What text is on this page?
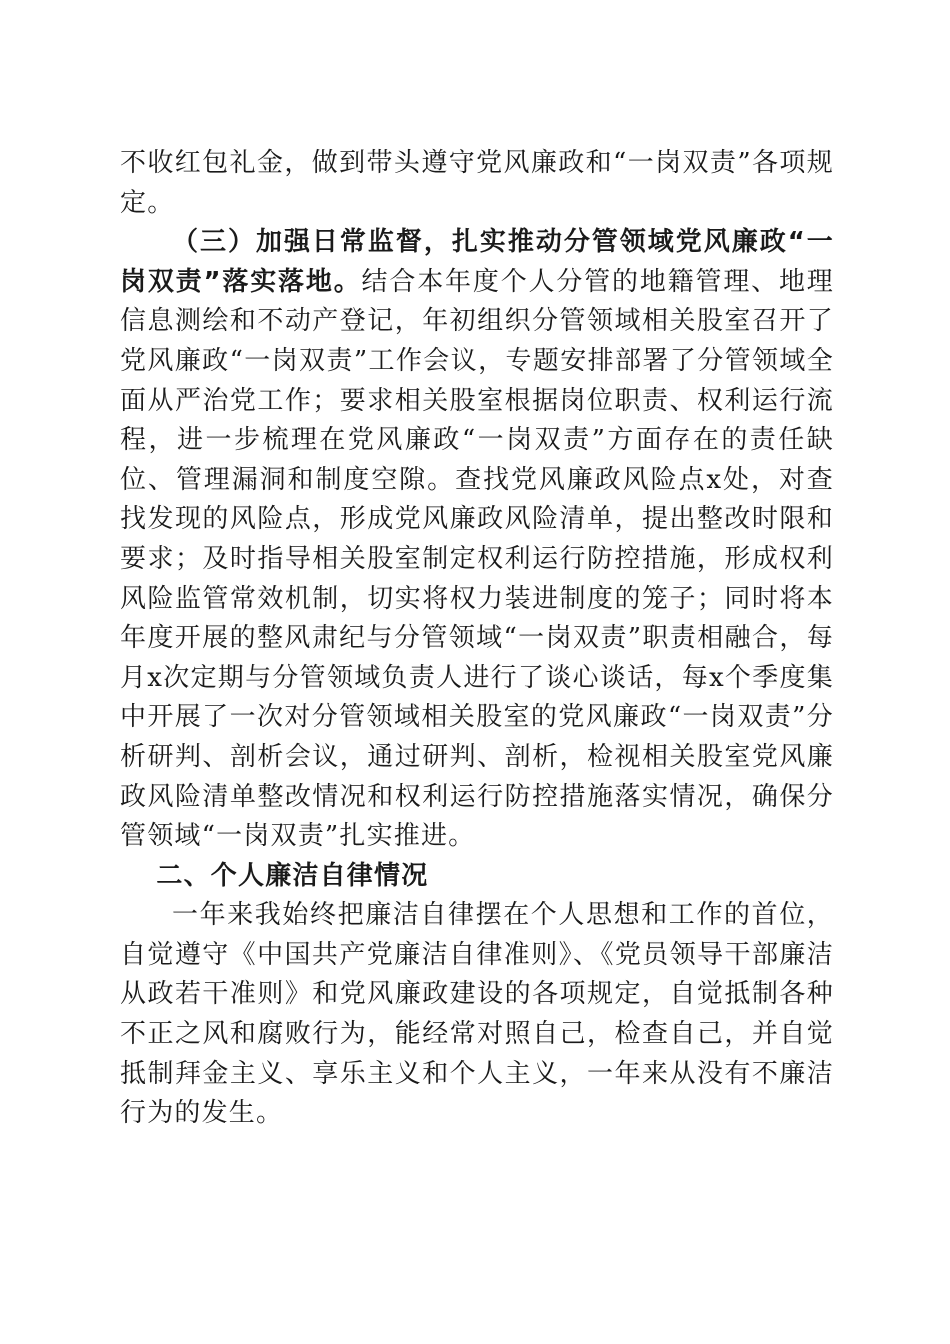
不收红包礼金，做到带头遵守党风廉政和“一岗双责”各项规定。

（三）加强日常监督，扎实推动分管领域党风廉政“一岗双责”落实落地。结合本年度个人分管的地籍管理、地理信息测绘和不动产登记，年初组织分管领域相关股室召开了党风廉政“一岗双责”工作会议，专题安排部署了分管领域全面从严治党工作；要求相关股室根据岗位职责、权利运行流程，进一步梳理在党风廉政“一岗双责”方面存在的责任缺位、管理漏洞和制度空隙。查找党风廉政风险点x处，对查找发现的风险点，形成党风廉政风险清单，提出整改时限和要求；及时指导相关股室制定权利运行防控措施，形成权利风险监管常效机制，切实将权力装进制度的笼子；同时将本年度开展的整风肃纪与分管领域“一岗双责”职责相融合，每月x次定期与分管领域负责人进行了谈心谈话，每x个季度集中开展了一次对分管领域相关股室的党风廉政“一岗双责”分析研判、剖析会议，通过研判、剖析，检视相关股室党风廉政风险清单整改情况和权利运行防控措施落实情况，确保分管领域“一岗双责”扎实推进。

二、个人廉洁自律情况

一年来我始终把廉洁自律摆在个人思想和工作的首位，自觉遵守《中国共产党廉洁自律准则》、《党员领导干部廉洁从政若干准则》和党风廉政建设的各项规定，自觉抵制各种不正之风和腐败行为，能经常对照自己，检查自己，并自觉抵制拜金主义、享乐主义和个人主义，一年来从没有不廉洁行为的发生。
